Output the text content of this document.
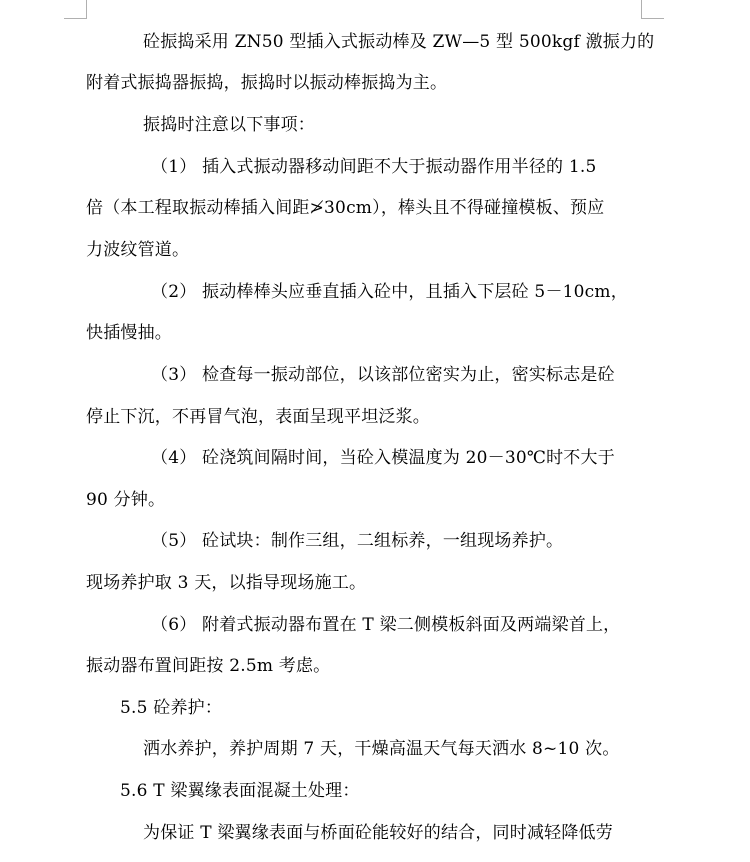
砼振捣采用 ZN50 型插入式振动棒及 ZW—5 型 500kgf 激振力的
附着式振捣器振捣，振捣时以振动棒振捣为主。
振捣时注意以下事项：
（1） 插入式振动器移动间距不大于振动器作用半径的 1.5
倍（本工程取振动棒插入间距≯30cm），棒头且不得碰撞模板、预应
力波纹管道。
（2） 振动棒棒头应垂直插入砼中，且插入下层砼 5－10cm，
快插慢抽。
（3） 检查每一振动部位，以该部位密实为止，密实标志是砼
停止下沉，不再冒气泡，表面呈现平坦泛浆。
（4） 砼浇筑间隔时间，当砼入模温度为 20－30℃时不大于
90 分钟。
（5） 砼试块：制作三组，二组标养，一组现场养护。
现场养护取 3 天，以指导现场施工。
（6） 附着式振动器布置在 T 梁二侧模板斜面及两端梁首上，
振动器布置间距按 2.5m 考虑。
5.5 砼养护：
洒水养护，养护周期 7 天，干燥高温天气每天洒水 8~10 次。
5.6 T 梁翼缘表面混凝土处理：
为保证 T 梁翼缘表面与桥面砼能较好的结合，同时减轻降低劳
